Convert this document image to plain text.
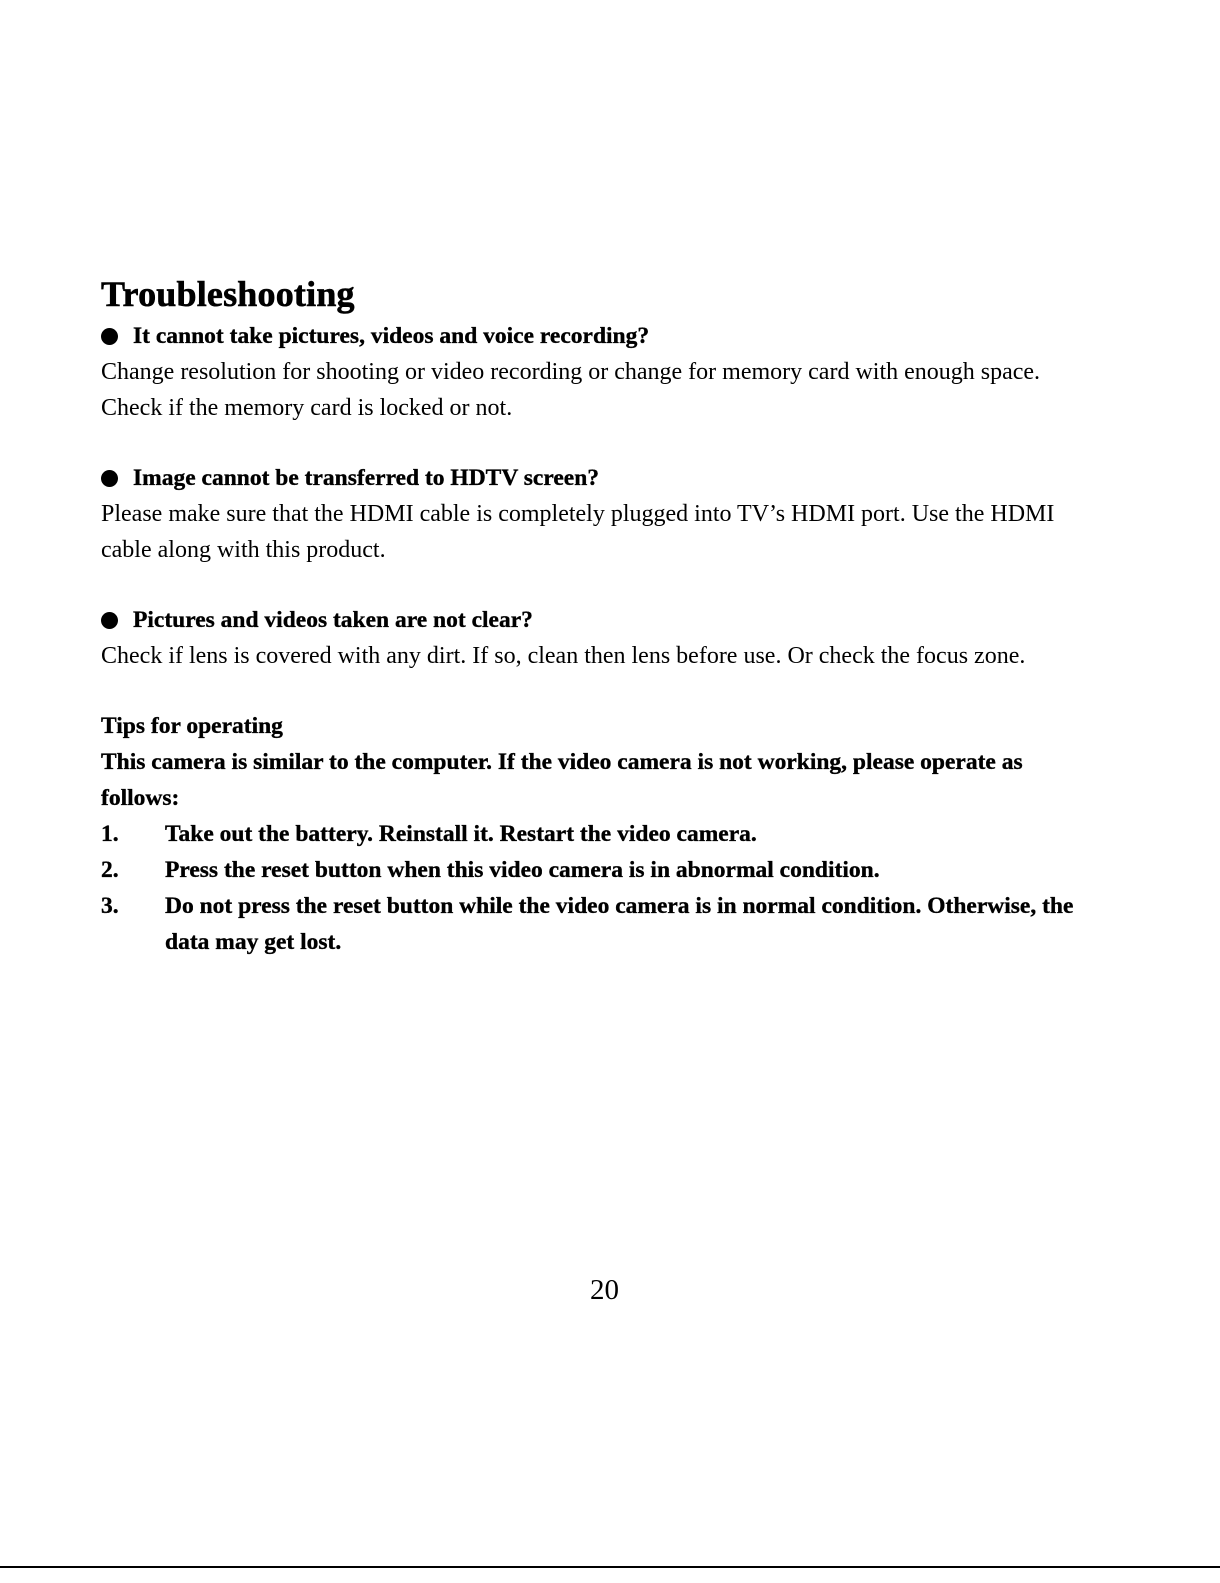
Troubleshooting
It cannot take pictures, videos and voice recording?

Change resolution for shooting or video recording or change for memory card with enough space. Check if the memory card is locked or not.

Image cannot be transferred to HDTV screen?

Please make sure that the HDMI cable is completely plugged into TV’s HDMI port. Use the HDMI cable along with this product.

Pictures and videos taken are not clear?

Check if lens is covered with any dirt. If so, clean then lens before use. Or check the focus zone.

Tips for operating

This camera is similar to the computer. If the video camera is not working, please operate as follows:

1.	Take out the battery. Reinstall it. Restart the video camera.
2.	Press the reset button when this video camera is in abnormal condition.
3.	Do not press the reset button while the video camera is in normal condition. Otherwise, the data may get lost.
20
